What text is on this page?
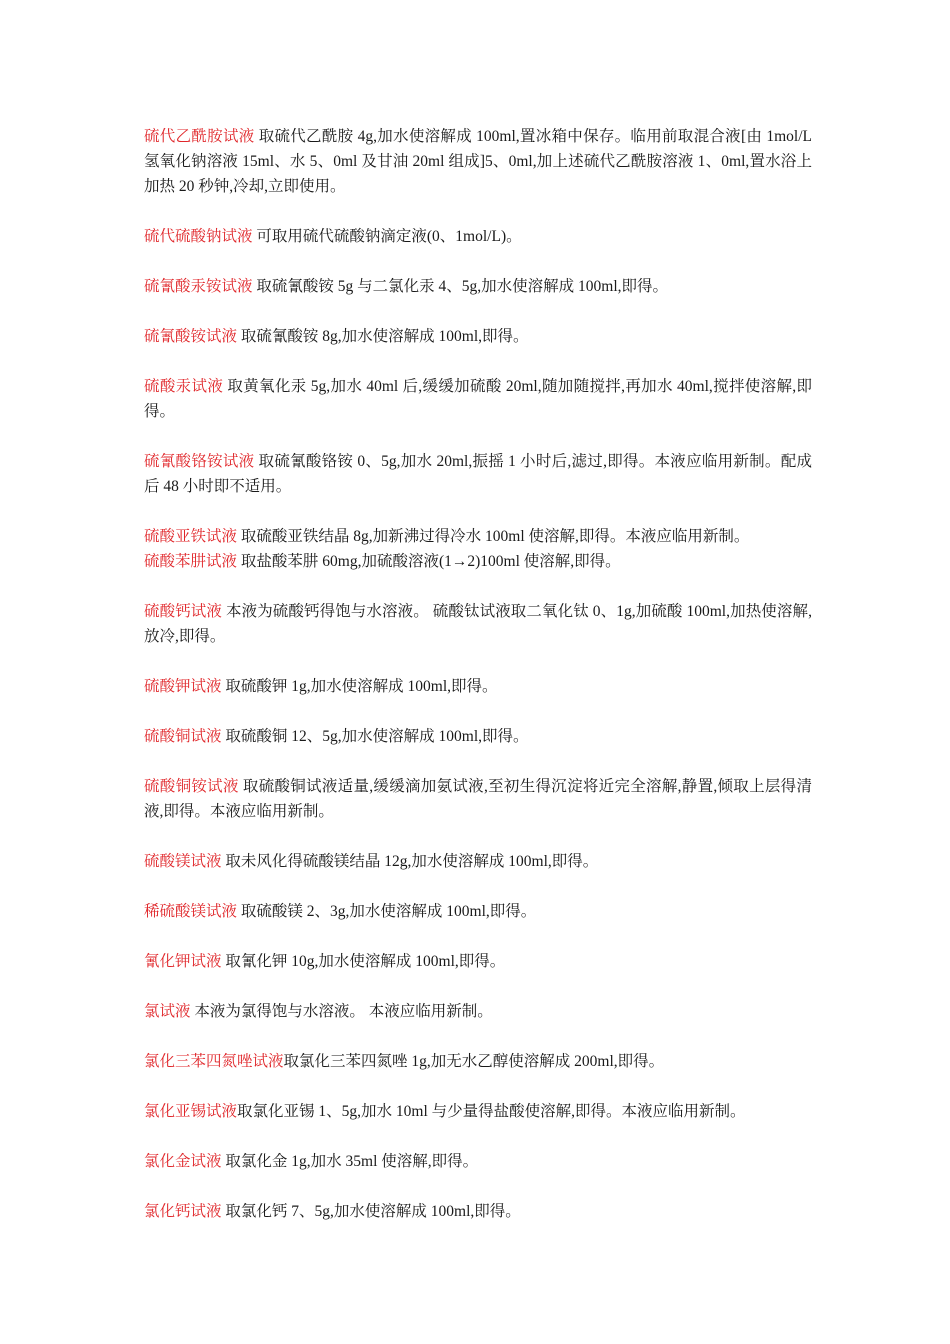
硫代乙酰胺试液 取硫代乙酰胺 4g,加水使溶解成 100ml,置冰箱中保存。临用前取混合液[由 1mol/L 氢氧化钠溶液 15ml、水 5、0ml 及甘油 20ml 组成]5、0ml,加上述硫代乙酰胺溶液 1、0ml,置水浴上加热 20 秒钟,冷却,立即使用。

硫代硫酸钠试液 可取用硫代硫酸钠滴定液(0、1mol/L)。

硫氰酸汞铵试液 取硫氰酸铵 5g 与二氯化汞 4、5g,加水使溶解成 100ml,即得。

硫氰酸铵试液 取硫氰酸铵 8g,加水使溶解成 100ml,即得。

硫酸汞试液 取黄氧化汞 5g,加水 40ml 后,缓缓加硫酸 20ml,随加随搅拌,再加水 40ml,搅拌使溶解,即得。

硫氰酸铬铵试液 取硫氰酸铬铵 0、5g,加水 20ml,振摇 1 小时后,滤过,即得。本液应临用新制。配成后 48 小时即不适用。

硫酸亚铁试液 取硫酸亚铁结晶 8g,加新沸过得冷水 100ml 使溶解,即得。本液应临用新制。

硫酸苯肼试液 取盐酸苯肼 60mg,加硫酸溶液(1→2)100ml 使溶解,即得。

硫酸钙试液 本液为硫酸钙得饱与水溶液。 硫酸钛试液取二氧化钛 0、1g,加硫酸 100ml,加热使溶解,放冷,即得。

硫酸钾试液 取硫酸钾 1g,加水使溶解成 100ml,即得。

硫酸铜试液 取硫酸铜 12、5g,加水使溶解成 100ml,即得。

硫酸铜铵试液 取硫酸铜试液适量,缓缓滴加氨试液,至初生得沉淀将近完全溶解,静置,倾取上层得清液,即得。本液应临用新制。

硫酸镁试液 取未风化得硫酸镁结晶 12g,加水使溶解成 100ml,即得。

稀硫酸镁试液 取硫酸镁 2、3g,加水使溶解成 100ml,即得。

氰化钾试液 取氰化钾 10g,加水使溶解成 100ml,即得。

氯试液 本液为氯得饱与水溶液。 本液应临用新制。

氯化三苯四氮唑试液取氯化三苯四氮唑 1g,加无水乙醇使溶解成 200ml,即得。

氯化亚锡试液取氯化亚锡 1、5g,加水 10ml 与少量得盐酸使溶解,即得。本液应临用新制。

氯化金试液 取氯化金 1g,加水 35ml 使溶解,即得。

氯化钙试液 取氯化钙 7、5g,加水使溶解成 100ml,即得。
